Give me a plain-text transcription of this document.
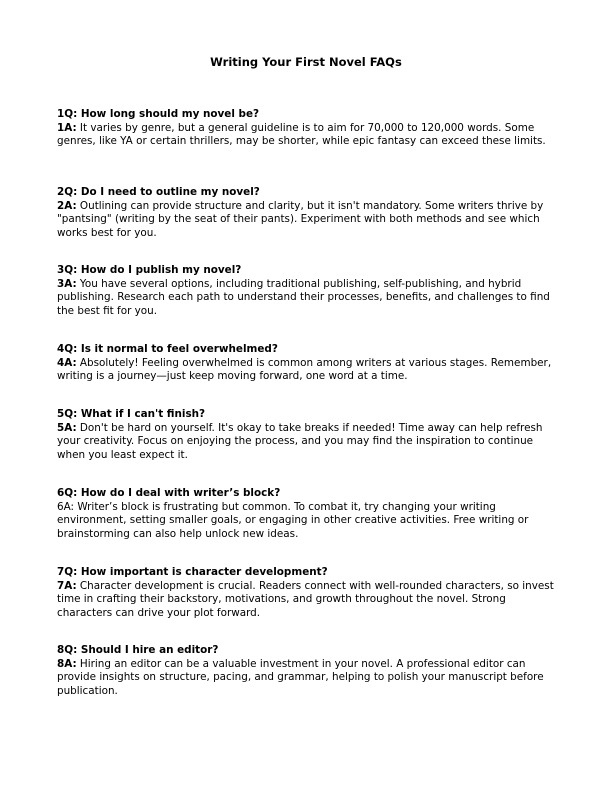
Writing Your First Novel FAQs
1Q: How long should my novel be?
1A: It varies by genre, but a general guideline is to aim for 70,000 to 120,000 words. Some genres, like YA or certain thrillers, may be shorter, while epic fantasy can exceed these limits.
2Q: Do I need to outline my novel?
2A: Outlining can provide structure and clarity, but it isn't mandatory. Some writers thrive by "pantsing" (writing by the seat of their pants). Experiment with both methods and see which works best for you.
3Q: How do I publish my novel?
3A: You have several options, including traditional publishing, self-publishing, and hybrid publishing. Research each path to understand their processes, benefits, and challenges to find the best fit for you.
4Q: Is it normal to feel overwhelmed?
4A: Absolutely! Feeling overwhelmed is common among writers at various stages. Remember, writing is a journey—just keep moving forward, one word at a time.
5Q: What if I can't finish?
5A: Don't be hard on yourself. It's okay to take breaks if needed! Time away can help refresh your creativity. Focus on enjoying the process, and you may find the inspiration to continue when you least expect it.
6Q: How do I deal with writer’s block?
6A: Writer’s block is frustrating but common. To combat it, try changing your writing environment, setting smaller goals, or engaging in other creative activities. Free writing or brainstorming can also help unlock new ideas.
7Q: How important is character development?
7A: Character development is crucial. Readers connect with well-rounded characters, so invest time in crafting their backstory, motivations, and growth throughout the novel. Strong characters can drive your plot forward.
8Q: Should I hire an editor?
8A: Hiring an editor can be a valuable investment in your novel. A professional editor can provide insights on structure, pacing, and grammar, helping to polish your manuscript before publication.
